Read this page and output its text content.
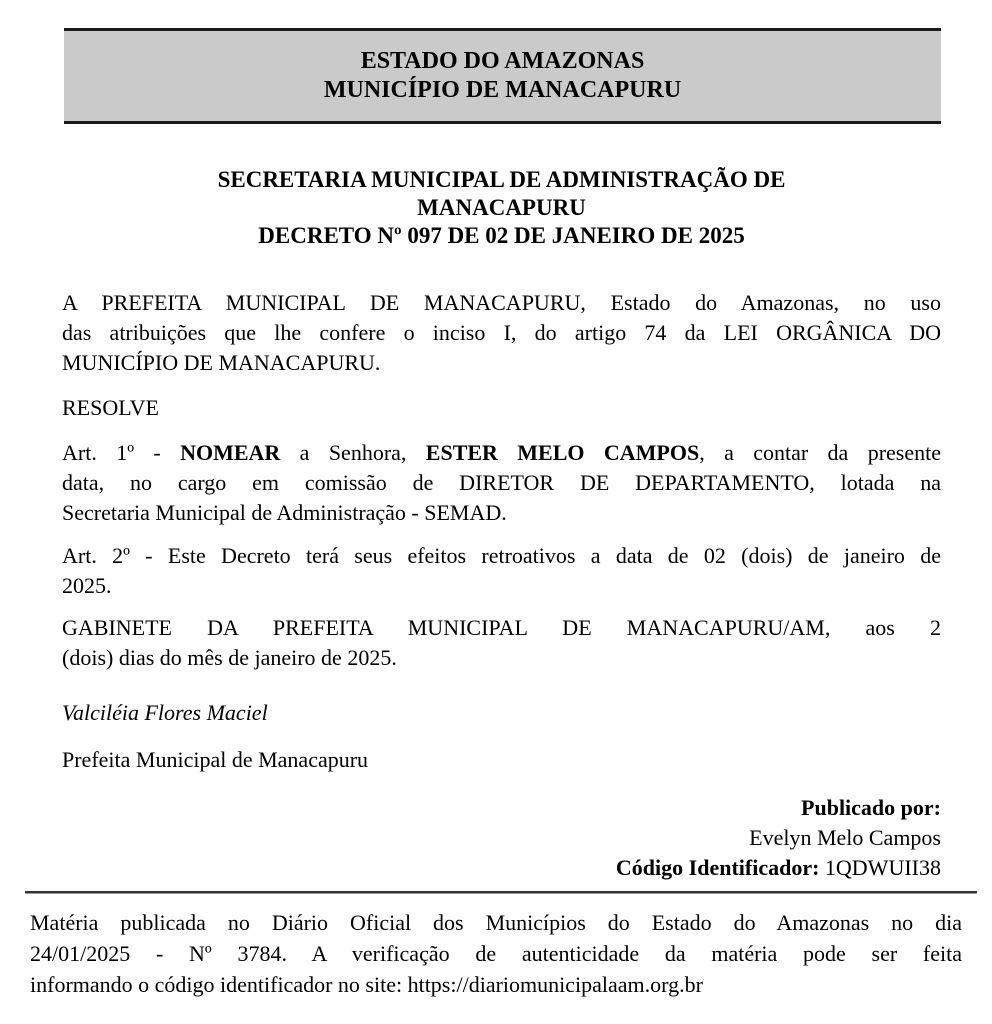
ESTADO DO AMAZONAS
MUNICÍPIO DE MANACAPURU
SECRETARIA MUNICIPAL DE ADMINISTRAÇÃO DE
MANACAPURU
DECRETO Nº 097 DE 02 DE JANEIRO DE 2025
A PREFEITA MUNICIPAL DE MANACAPURU, Estado do Amazonas, no uso
das atribuições que lhe confere o inciso I, do artigo 74 da LEI ORGÂNICA DO
MUNICÍPIO DE MANACAPURU.
RESOLVE
Art. 1º - NOMEAR a Senhora, ESTER MELO CAMPOS, a contar da presente
data, no cargo em comissão de DIRETOR DE DEPARTAMENTO, lotada na
Secretaria Municipal de Administração - SEMAD.
Art. 2º - Este Decreto terá seus efeitos retroativos a data de 02 (dois) de janeiro de
2025.
GABINETE DA PREFEITA MUNICIPAL DE MANACAPURU/AM, aos 2
(dois) dias do mês de janeiro de 2025.
Valciléia Flores Maciel
Prefeita Municipal de Manacapuru
Publicado por:
Evelyn Melo Campos
Código Identificador: 1QDWUII38
Matéria publicada no Diário Oficial dos Municípios do Estado do Amazonas no dia
24/01/2025 - Nº 3784. A verificação de autenticidade da matéria pode ser feita
informando o código identificador no site: https://diariomunicipalaam.org.br
